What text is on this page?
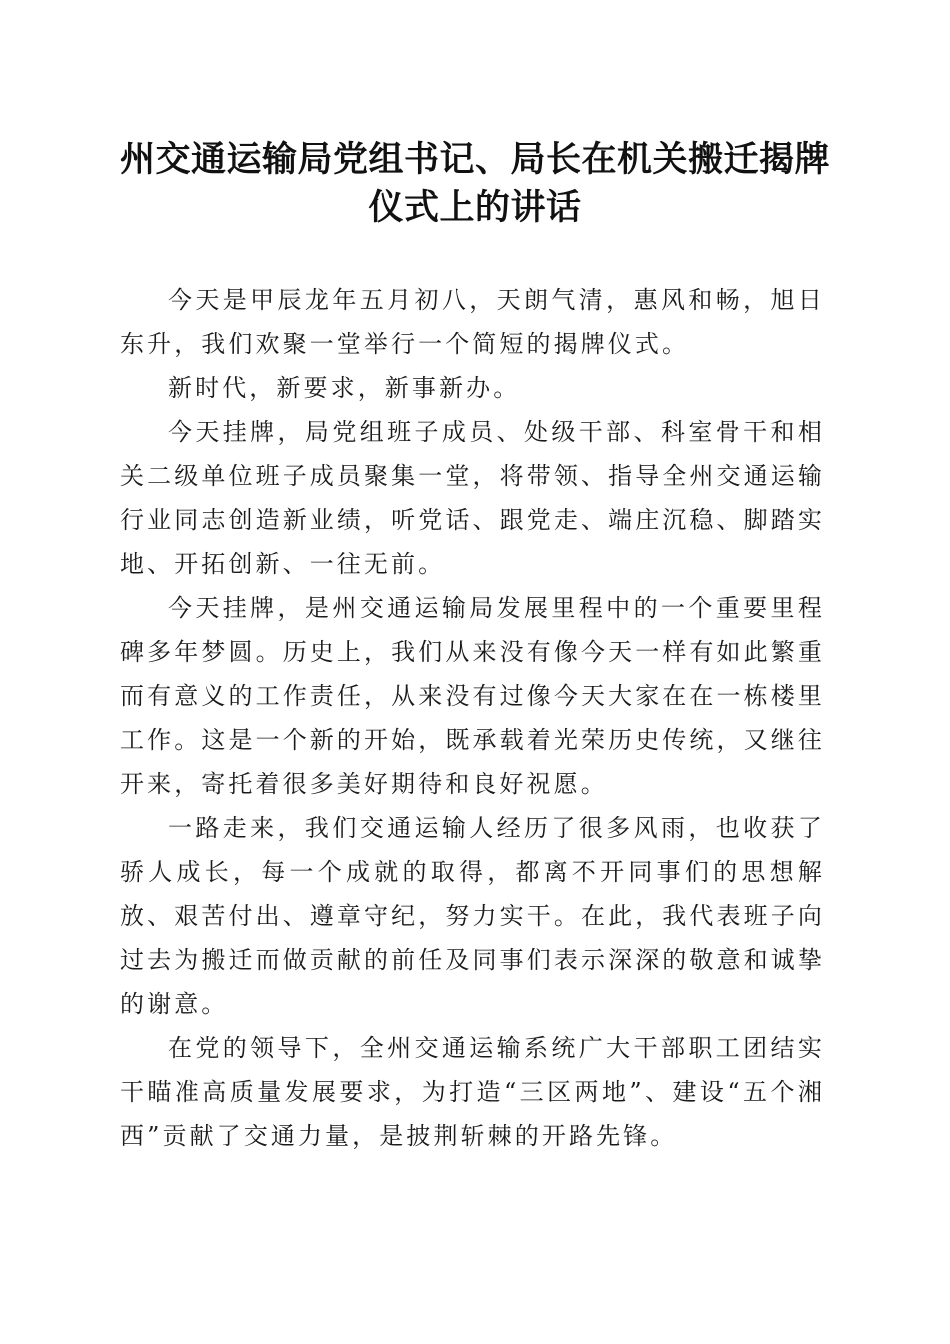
州交通运输局党组书记、局长在机关搬迁揭牌
仪式上的讲话

今天是甲辰龙年五月初八，天朗气清，惠风和畅，旭日东升，我们欢聚一堂举行一个简短的揭牌仪式。

新时代，新要求，新事新办。

今天挂牌，局党组班子成员、处级干部、科室骨干和相关二级单位班子成员聚集一堂，将带领、指导全州交通运输行业同志创造新业绩，听党话、跟党走、端庄沉稳、脚踏实地、开拓创新、一往无前。

今天挂牌，是州交通运输局发展里程中的一个重要里程碑多年梦圆。历史上，我们从来没有像今天一样有如此繁重而有意义的工作责任，从来没有过像今天大家在在一栋楼里工作。这是一个新的开始，既承载着光荣历史传统，又继往开来，寄托着很多美好期待和良好祝愿。

一路走来，我们交通运输人经历了很多风雨，也收获了骄人成长，每一个成就的取得，都离不开同事们的思想解放、艰苦付出、遵章守纪，努力实干。在此，我代表班子向过去为搬迁而做贡献的前任及同事们表示深深的敬意和诚挚的谢意。

在党的领导下，全州交通运输系统广大干部职工团结实干瞄准高质量发展要求，为打造“三区两地”、建设“五个湘西”贡献了交通力量，是披荆斩棘的开路先锋。
